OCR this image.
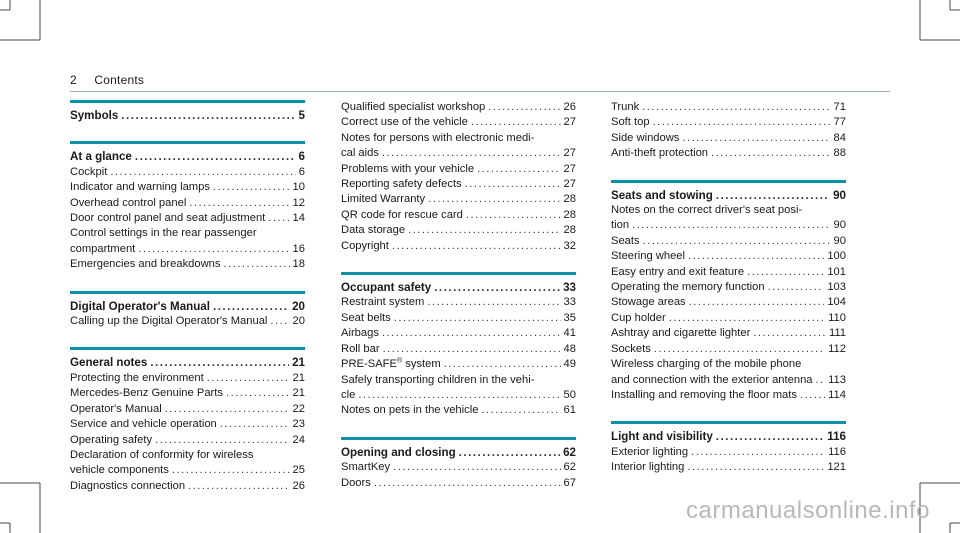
2 Contents
Symbols .....	5
At a glance .....	6
Cockpit .....	6
Indicator and warning lamps .....	10
Overhead control panel .....	12
Door control panel and seat adjustment ..... 14
Control settings in the rear passenger
compartment .....	16
Emergencies and breakdowns .....	18
Digital Operator's Manual .....	20
Calling up the Digital Operator's Manual ..... 20
General notes .....	21
Protecting the environment .....	21
Mercedes-Benz Genuine Parts .....	21
Operator's Manual .....	22
Service and vehicle operation .....	23
Operating safety .....	24
Declaration of conformity for wireless
vehicle components .....	25
Diagnostics connection .....	26
Qualified specialist workshop .....	26
Correct use of the vehicle .....	27
Notes for persons with electronic medi-
cal aids .....	27
Problems with your vehicle .....	27
Reporting safety defects .....	27
Limited Warranty .....	28
QR code for rescue card .....	28
Data storage .....	28
Copyright .....	32
Occupant safety .....	33
Restraint system .....	33
Seat belts .....	35
Airbags .....	41
Roll bar .....	48
PRE-SAFE® system .....	49
Safely transporting children in the vehi-
cle .....	50
Notes on pets in the vehicle .....	61
Opening and closing .....	62
SmartKey .....	62
Doors .....	67
Trunk .....	71
Soft top .....	77
Side windows .....	84
Anti-theft protection .....	88
Seats and stowing .....	90
Notes on the correct driver's seat posi-
tion .....	90
Seats .....	90
Steering wheel .....	100
Easy entry and exit feature .....	101
Operating the memory function .....	103
Stowage areas .....	104
Cup holder .....	110
Ashtray and cigarette lighter .....	111
Sockets .....	112
Wireless charging of the mobile phone
and connection with the exterior antenna ..... 113
Installing and removing the floor mats .....	114
Light and visibility .....	116
Exterior lighting .....	116
Interior lighting .....	121
carmanualsonline.info
